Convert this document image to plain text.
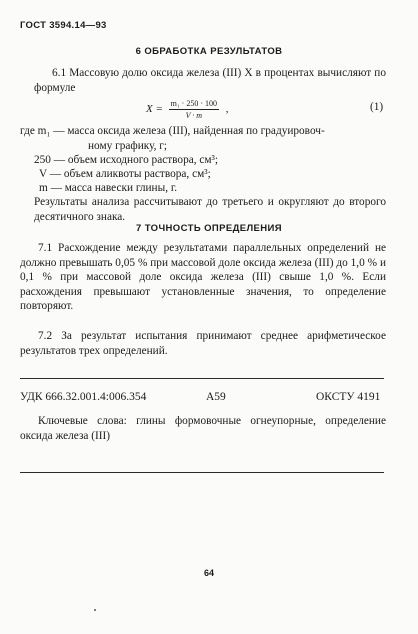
ГОСТ 3594.14—93
6 ОБРАБОТКА РЕЗУЛЬТАТОВ
6.1 Массовую долю оксида железа (III) X в процентах вычисляют по формуле
$X = \frac{\text{m₁ · 250 · 100}}{V \cdot m}$ ,	(1)
где m₁ — масса оксида железа (III), найденная по градуировоч-
ному графику, г;
250 — объем исходного раствора, см³;
V — объем аликвоты раствора, см³;
m — масса навески глины, г.
Результаты анализа рассчитывают до третьего и округляют до второго десятичного знака.
7 ТОЧНОСТЬ ОПРЕДЕЛЕНИЯ
7.1 Расхождение между результатами параллельных определений не должно превышать 0,05 % при массовой доле оксида железа (III) до 1,0 % и 0,1 % при массовой доле оксида железа (III) свыше 1,0 %. Если расхождения превышают установленные значения, то определение повторяют.
7.2 За результат испытания принимают среднее арифметическое результатов трех определений.
УДК 666.32.001.4:006.354	А59	ОКСТУ 4191
Ключевые слова: глины формовочные огнеупорные, определение оксида железа (III)
64
